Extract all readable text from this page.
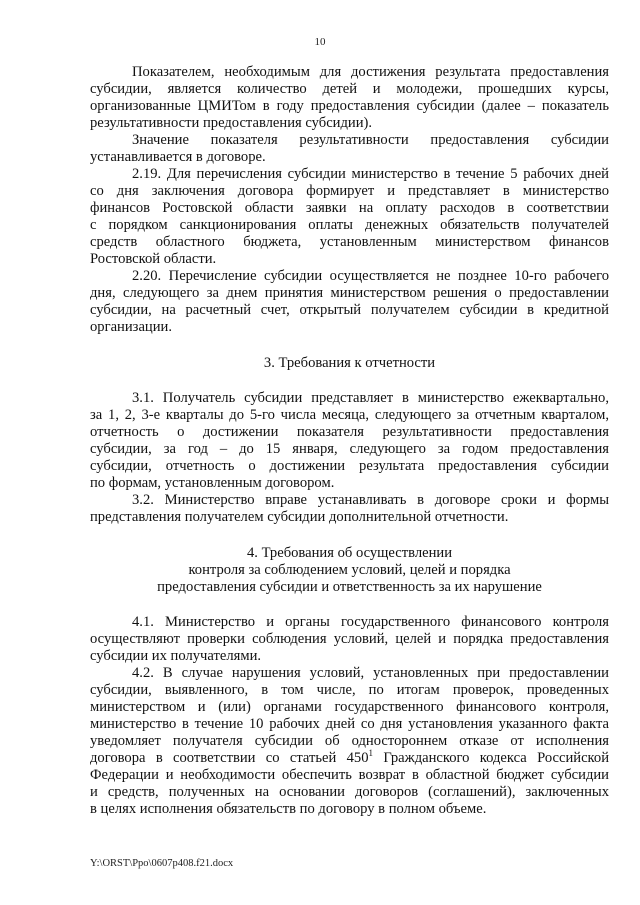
10
Показателем, необходимым для достижения результата предоставления
субсидии, является количество детей и молодежи, прошедших курсы,
организованные ЦМИТом в году предоставления субсидии (далее – показатель
результативности предоставления субсидии).
Значение показателя результативности предоставления субсидии
устанавливается в договоре.
2.19. Для перечисления субсидии министерство в течение 5 рабочих дней
со дня заключения договора формирует и представляет в министерство
финансов Ростовской области заявки на оплату расходов в соответствии
с порядком санкционирования оплаты денежных обязательств получателей
средств областного бюджета, установленным министерством финансов
Ростовской области.
2.20. Перечисление субсидии осуществляется не позднее 10-го рабочего
дня, следующего за днем принятия министерством решения о предоставлении
субсидии, на расчетный счет, открытый получателем субсидии в кредитной
организации.
3. Требования к отчетности
3.1. Получатель субсидии представляет в министерство ежеквартально,
за 1, 2, 3-е кварталы до 5-го числа месяца, следующего за отчетным кварталом,
отчетность о достижении показателя результативности предоставления
субсидии, за год – до 15 января, следующего за годом предоставления
субсидии, отчетность о достижении результата предоставления субсидии
по формам, установленным договором.
3.2. Министерство вправе устанавливать в договоре сроки и формы
представления получателем субсидии дополнительной отчетности.
4. Требования об осуществлении
контроля за соблюдением условий, целей и порядка
предоставления субсидии и ответственность за их нарушение
4.1. Министерство и органы государственного финансового контроля
осуществляют проверки соблюдения условий, целей и порядка предоставления
субсидии их получателями.
4.2. В случае нарушения условий, установленных при предоставлении
субсидии, выявленного, в том числе, по итогам проверок, проведенных
министерством и (или) органами государственного финансового контроля,
министерство в течение 10 рабочих дней со дня установления указанного факта
уведомляет получателя субсидии об одностороннем отказе от исполнения
договора в соответствии со статьей $450^1$ Гражданского кодекса Российской
Федерации и необходимости обеспечить возврат в областной бюджет субсидии
и средств, полученных на основании договоров (соглашений), заключенных
в целях исполнения обязательств по договору в полном объеме.
Y:\ORST\Ppo\0607p408.f21.docx
